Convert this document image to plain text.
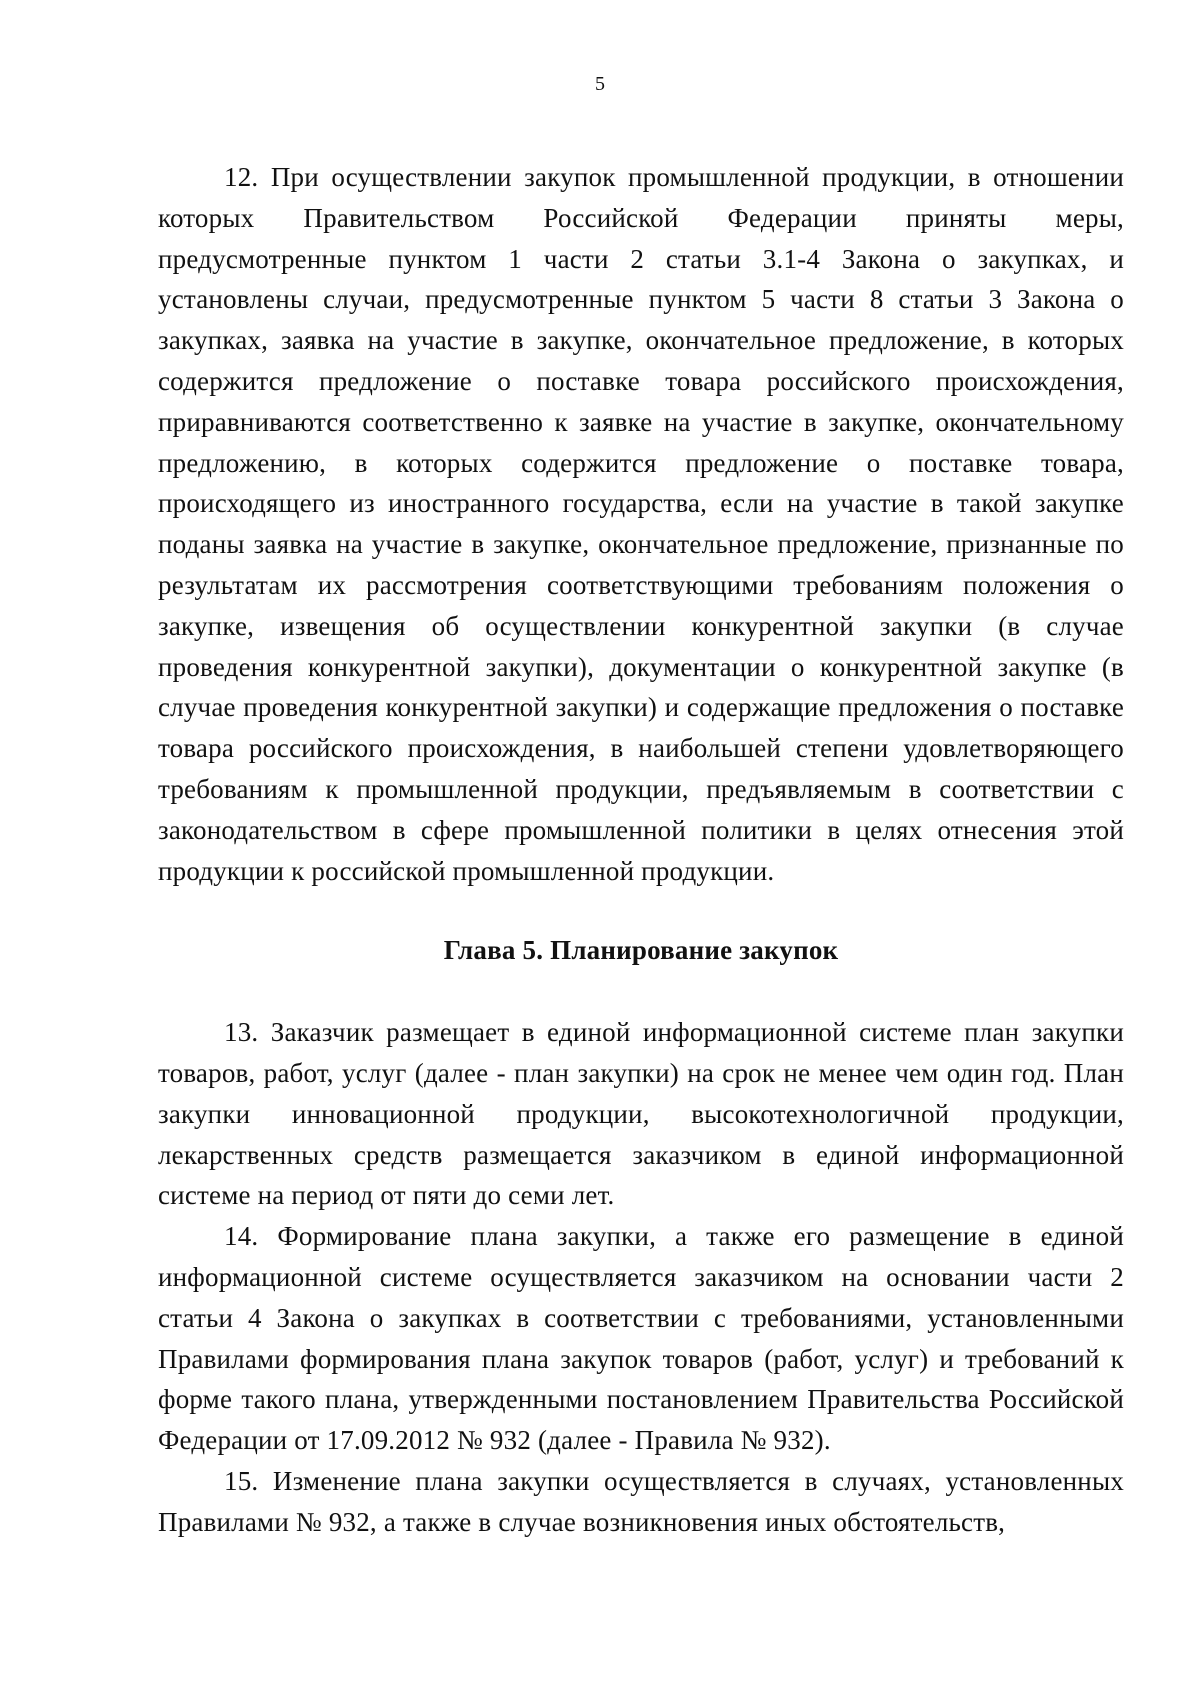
5

12. При осуществлении закупок промышленной продукции, в отношении которых Правительством Российской Федерации приняты меры, предусмотренные пунктом 1 части 2 статьи 3.1-4 Закона о закупках, и установлены случаи, предусмотренные пунктом 5 части 8 статьи 3 Закона о закупках, заявка на участие в закупке, окончательное предложение, в которых содержится предложение о поставке товара российского происхождения, приравниваются соответственно к заявке на участие в закупке, окончательному предложению, в которых содержится предложение о поставке товара, происходящего из иностранного государства, если на участие в такой закупке поданы заявка на участие в закупке, окончательное предложение, признанные по результатам их рассмотрения соответствующими требованиям положения о закупке, извещения об осуществлении конкурентной закупки (в случае проведения конкурентной закупки), документации о конкурентной закупке (в случае проведения конкурентной закупки) и содержащие предложения о поставке товара российского происхождения, в наибольшей степени удовлетворяющего требованиям к промышленной продукции, предъявляемым в соответствии с законодательством в сфере промышленной политики в целях отнесения этой продукции к российской промышленной продукции.

Глава 5. Планирование закупок

13. Заказчик размещает в единой информационной системе план закупки товаров, работ, услуг (далее - план закупки) на срок не менее чем один год. План закупки инновационной продукции, высокотехнологичной продукции, лекарственных средств размещается заказчиком в единой информационной системе на период от пяти до семи лет.

14. Формирование плана закупки, а также его размещение в единой информационной системе осуществляется заказчиком на основании части 2 статьи 4 Закона о закупках в соответствии с требованиями, установленными Правилами формирования плана закупок товаров (работ, услуг) и требований к форме такого плана, утвержденными постановлением Правительства Российской Федерации от 17.09.2012 № 932 (далее - Правила № 932).

15. Изменение плана закупки осуществляется в случаях, установленных Правилами № 932, а также в случае возникновения иных обстоятельств,
